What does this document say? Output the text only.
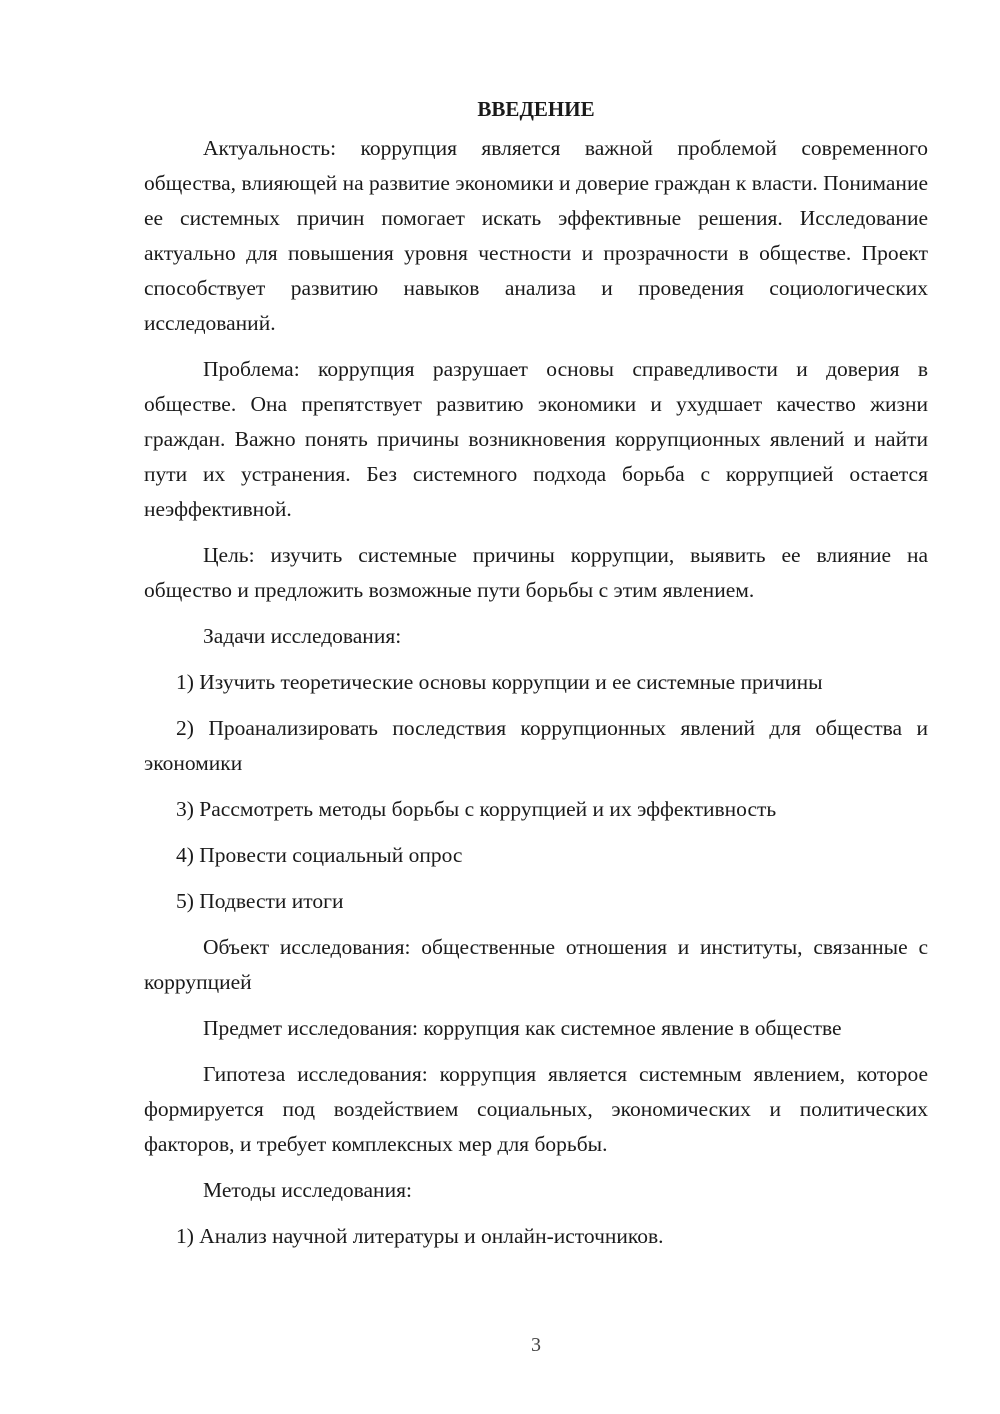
ВВЕДЕНИЕ
Актуальность: коррупция является важной проблемой современного общества, влияющей на развитие экономики и доверие граждан к власти. Понимание ее системных причин помогает искать эффективные решения. Исследование актуально для повышения уровня честности и прозрачности в обществе. Проект способствует развитию навыков анализа и проведения социологических исследований.
Проблема: коррупция разрушает основы справедливости и доверия в обществе. Она препятствует развитию экономики и ухудшает качество жизни граждан. Важно понять причины возникновения коррупционных явлений и найти пути их устранения. Без системного подхода борьба с коррупцией остается неэффективной.
Цель: изучить системные причины коррупции, выявить ее влияние на общество и предложить возможные пути борьбы с этим явлением.
Задачи исследования:
1) Изучить теоретические основы коррупции и ее системные причины
2) Проанализировать последствия коррупционных явлений для общества и экономики
3) Рассмотреть методы борьбы с коррупцией и их эффективность
4) Провести социальный опрос
5) Подвести итоги
Объект исследования: общественные отношения и институты, связанные с коррупцией
Предмет исследования: коррупция как системное явление в обществе
Гипотеза исследования: коррупция является системным явлением, которое формируется под воздействием социальных, экономических и политических факторов, и требует комплексных мер для борьбы.
Методы исследования:
1) Анализ научной литературы и онлайн-источников.
3
